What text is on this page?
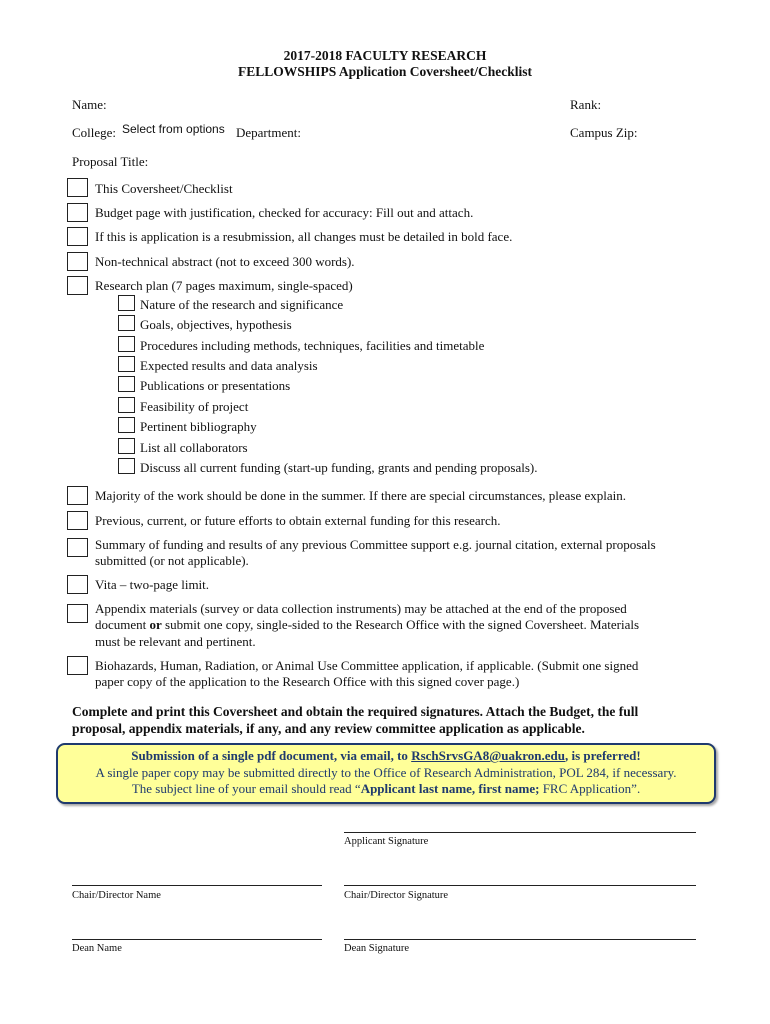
2017-2018 FACULTY RESEARCH
FELLOWSHIPS Application Coversheet/Checklist
Name:	Rank:
College: Select from options Department:	Campus Zip:
Proposal Title:
This Coversheet/Checklist
Budget page with justification, checked for accuracy: Fill out and attach.
If this is application is a resubmission, all changes must be detailed in bold face.
Non-technical abstract (not to exceed 300 words).
Research plan (7 pages maximum, single-spaced)
Nature of the research and significance
Goals, objectives, hypothesis
Procedures including methods, techniques, facilities and timetable
Expected results and data analysis
Publications or presentations
Feasibility of project
Pertinent bibliography
List all collaborators
Discuss all current funding (start-up funding, grants and pending proposals).
Majority of the work should be done in the summer. If there are special circumstances, please explain.
Previous, current, or future efforts to obtain external funding for this research.
Summary of funding and results of any previous Committee support e.g. journal citation, external proposals
submitted (or not applicable).
Vita – two-page limit.
Appendix materials (survey or data collection instruments) may be attached at the end of the proposed
document or submit one copy, single-sided to the Research Office with the signed Coversheet. Materials
must be relevant and pertinent.
Biohazards, Human, Radiation, or Animal Use Committee application, if applicable. (Submit one signed
paper copy of the application to the Research Office with this signed cover page.)
Complete and print this Coversheet and obtain the required signatures. Attach the Budget, the full
proposal, appendix materials, if any, and any review committee application as applicable.
Submission of a single pdf document, via email, to RschSrvsGA8@uakron.edu, is preferred!
A single paper copy may be submitted directly to the Office of Research Administration, POL 284, if necessary.
The subject line of your email should read “Applicant last name, first name; FRC Application”.
Applicant Signature
Chair/Director Name	Chair/Director Signature
Dean Name	Dean Signature
